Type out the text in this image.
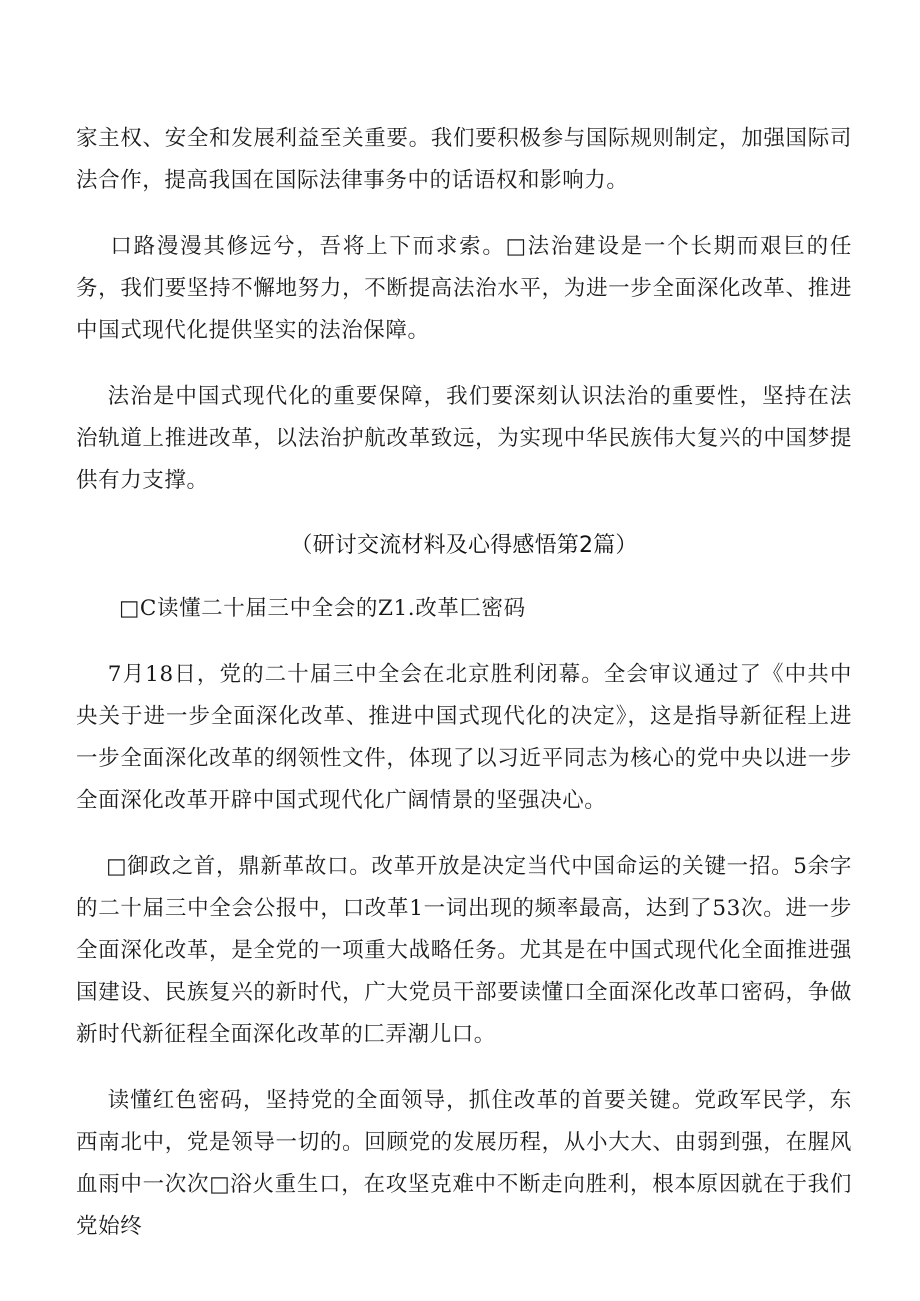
家主权、安全和发展利益至关重要。我们要积极参与国际规则制定，加强国际司法合作，提高我国在国际法律事务中的话语权和影响力。

口路漫漫其修远兮，吾将上下而求索。□法治建设是一个长期而艰巨的任务，我们要坚持不懈地努力，不断提高法治水平，为进一步全面深化改革、推进中国式现代化提供坚实的法治保障。

法治是中国式现代化的重要保障，我们要深刻认识法治的重要性，坚持在法治轨道上推进改革，以法治护航改革致远，为实现中华民族伟大复兴的中国梦提供有力支撑。

（研讨交流材料及心得感悟第2篇）
□C读懂二十届三中全会的Z1.改革匚密码

7月18日，党的二十届三中全会在北京胜利闭幕。全会审议通过了《中共中央关于进一步全面深化改革、推进中国式现代化的决定》，这是指导新征程上进一步全面深化改革的纲领性文件，体现了以习近平同志为核心的党中央以进一步全面深化改革开辟中国式现代化广阔情景的坚强决心。

□御政之首，鼎新革故口。改革开放是决定当代中国命运的关键一招。5余字的二十届三中全会公报中，口改革1一词出现的频率最高，达到了53次。进一步全面深化改革，是全党的一项重大战略任务。尤其是在中国式现代化全面推进强国建设、民族复兴的新时代，广大党员干部要读懂口全面深化改革口密码，争做新时代新征程全面深化改革的匚弄潮儿口。

读懂红色密码，坚持党的全面领导，抓住改革的首要关键。党政军民学，东西南北中，党是领导一切的。回顾党的发展历程，从小大大、由弱到强，在腥风血雨中一次次□浴火重生口，在攻坚克难中不断走向胜利，根本原因就在于我们党始终
